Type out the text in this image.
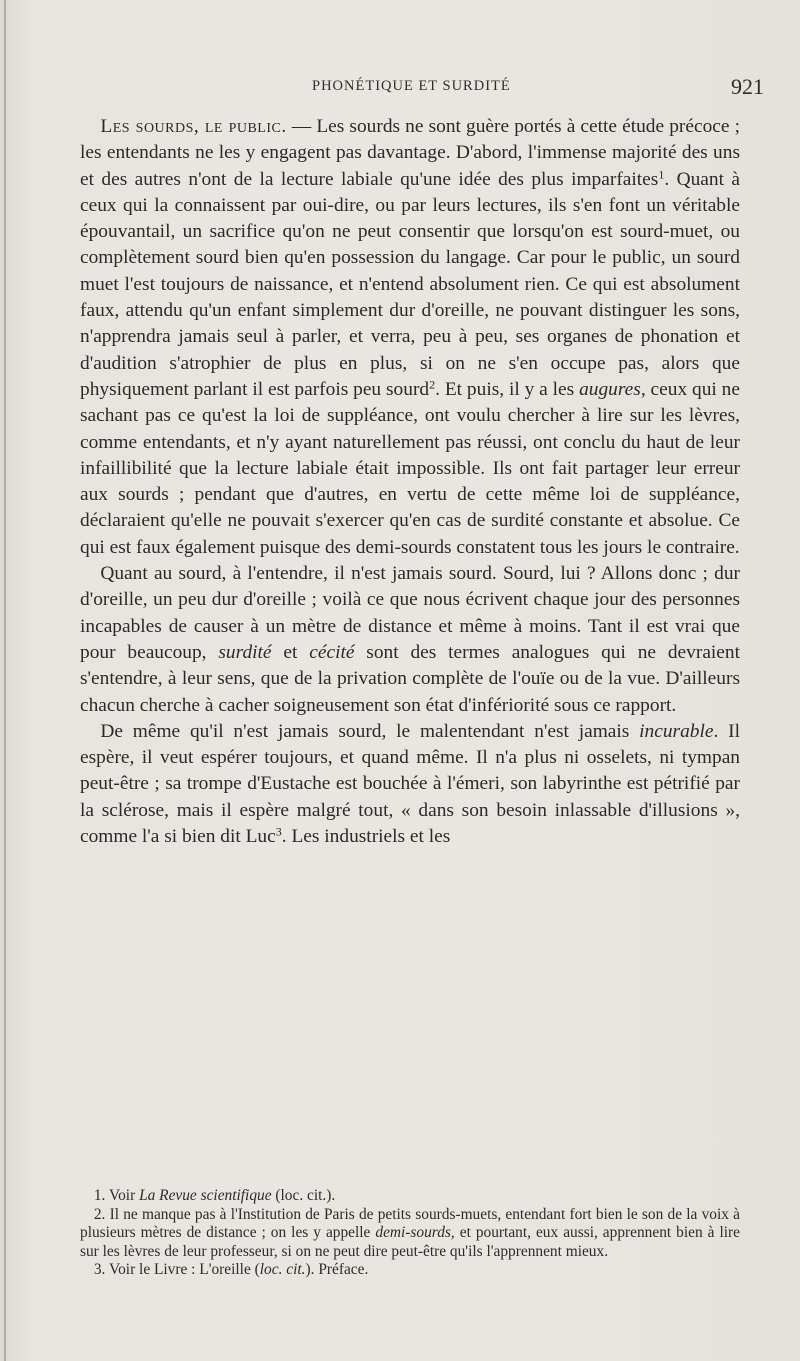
PHONÉTIQUE ET SURDITÉ	921

Les sourds, le public. — Les sourds ne sont guère portés à cette étude précoce ; les entendants ne les y engagent pas davantage. D'abord, l'immense majorité des uns et des autres n'ont de la lecture labiale qu'une idée des plus imparfaites$^1$. Quant à ceux qui la connaissent par oui-dire, ou par leurs lectures, ils s'en font un véritable épouvantail, un sacrifice qu'on ne peut consentir que lorsqu'on est sourd-muet, ou complètement sourd bien qu'en possession du langage. Car pour le public, un sourd muet l'est toujours de naissance, et n'entend absolument rien. Ce qui est absolument faux, attendu qu'un enfant simplement dur d'oreille, ne pouvant distinguer les sons, n'apprendra jamais seul à parler, et verra, peu à peu, ses organes de phonation et d'audition s'atrophier de plus en plus, si on ne s'en occupe pas, alors que physiquement parlant il est parfois peu sourd$^2$. Et puis, il y a les augures, ceux qui ne sachant pas ce qu'est la loi de suppléance, ont voulu chercher à lire sur les lèvres, comme entendants, et n'y ayant naturellement pas réussi, ont conclu du haut de leur infaillibilité que la lecture labiale était impossible. Ils ont fait partager leur erreur aux sourds ; pendant que d'autres, en vertu de cette même loi de suppléance, déclaraient qu'elle ne pouvait s'exercer qu'en cas de surdité constante et absolue. Ce qui est faux également puisque des demi-sourds constatent tous les jours le contraire.

Quant au sourd, à l'entendre, il n'est jamais sourd. Sourd, lui ? Allons donc ; dur d'oreille, un peu dur d'oreille ; voilà ce que nous écrivent chaque jour des personnes incapables de causer à un mètre de distance et même à moins. Tant il est vrai que pour beaucoup, surdité et cécité sont des termes analogues qui ne devraient s'entendre, à leur sens, que de la privation complète de l'ouïe ou de la vue. D'ailleurs chacun cherche à cacher soigneusement son état d'infériorité sous ce rapport.

De même qu'il n'est jamais sourd, le malentendant n'est jamais incurable. Il espère, il veut espérer toujours, et quand même. Il n'a plus ni osselets, ni tympan peut-être ; sa trompe d'Eustache est bouchée à l'émeri, son labyrinthe est pétrifié par la sclérose, mais il espère malgré tout, « dans son besoin inlassable d'illusions », comme l'a si bien dit Luc$^3$. Les industriels et les

1. Voir La Revue scientifique (loc. cit.).

2. Il ne manque pas à l'Institution de Paris de petits sourds-muets, entendant fort bien le son de la voix à plusieurs mètres de distance ; on les y appelle demi-sourds, et pourtant, eux aussi, apprennent bien à lire sur les lèvres de leur professeur, si on ne peut dire peut-être qu'ils l'apprennent mieux.

3. Voir le Livre : L'oreille (loc. cit.). Préface.
